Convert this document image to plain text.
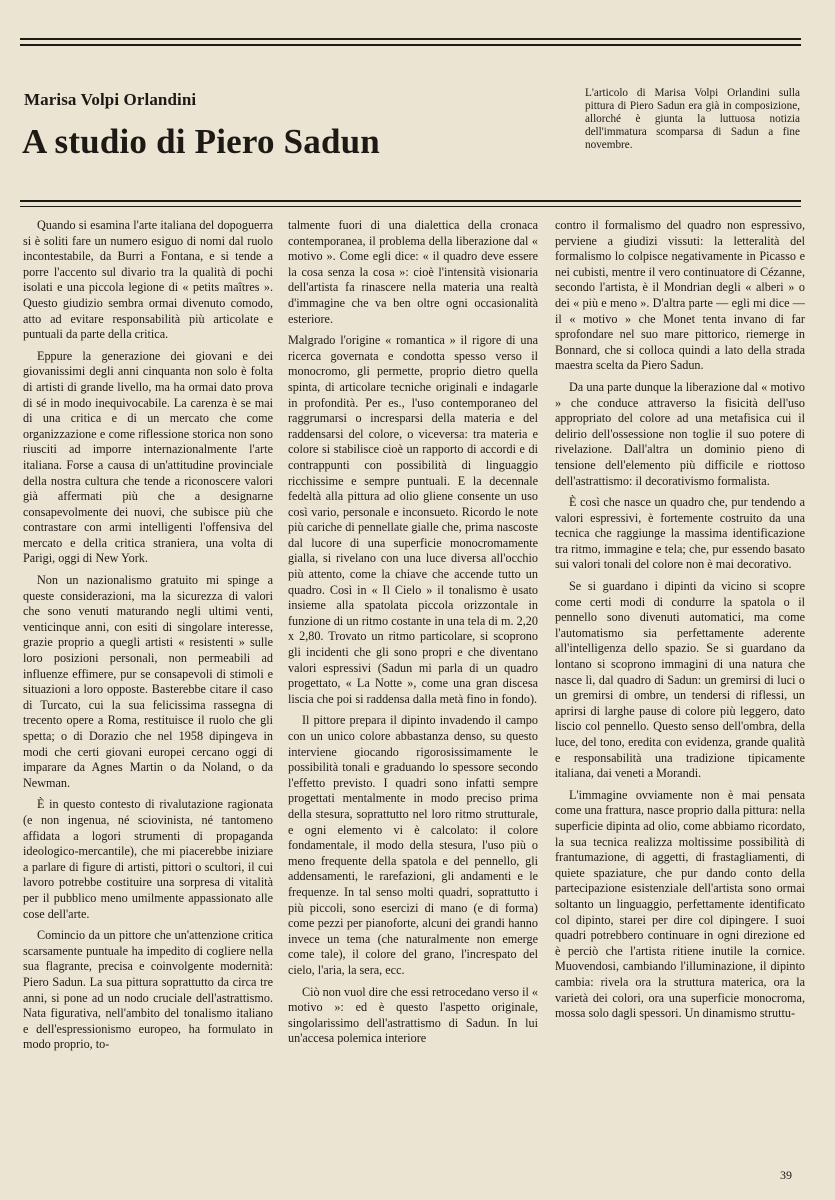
Marisa Volpi Orlandini
A studio di Piero Sadun
L'articolo di Marisa Volpi Orlandini sulla pittura di Piero Sadun era già in composizione, allorché è giunta la luttuosa notizia dell'immatura scomparsa di Sadun a fine novembre.

Quando si esamina l'arte italiana del dopoguerra si è soliti fare un numero esiguo di nomi dal ruolo incontestabile, da Burri a Fontana, e si tende a porre l'accento sul divario tra la qualità di pochi isolati e una piccola legione di « petits maîtres ». Questo giudizio sembra ormai divenuto comodo, atto ad evitare responsabilità più articolate e puntuali da parte della critica.

Eppure la generazione dei giovani e dei giovanissimi degli anni cinquanta non solo è folta di artisti di grande livello, ma ha ormai dato prova di sé in modo inequivocabile. La carenza è se mai di una critica e di un mercato che come organizzazione e come riflessione storica non sono riusciti ad imporre internazionalmente l'arte italiana. Forse a causa di un'attitudine provinciale della nostra cultura che tende a riconoscere valori già affermati più che a designarne consapevolmente dei nuovi, che subisce più che contrastare con armi intelligenti l'offensiva del mercato e della critica straniera, una volta di Parigi, oggi di New York.

Non un nazionalismo gratuito mi spinge a queste considerazioni, ma la sicurezza di valori che sono venuti maturando negli ultimi venti, venticinque anni, con esiti di singolare interesse, grazie proprio a quegli artisti « resistenti » sulle loro posizioni personali, non permeabili ad influenze effimere, pur se consapevoli di stimoli e situazioni a loro opposte. Basterebbe citare il caso di Turcato, cui la sua felicissima rassegna di trecento opere a Roma, restituisce il ruolo che gli spetta; o di Dorazio che nel 1958 dipingeva in modi che certi giovani europei cercano oggi di imparare da Agnes Martin o da Noland, o da Newman.

È in questo contesto di rivalutazione ragionata (e non ingenua, né sciovinista, né tantomeno affidata a logori strumenti di propaganda ideologico-mercantile), che mi piacerebbe iniziare a parlare di figure di artisti, pittori o scultori, il cui lavoro potrebbe costituire una sorpresa di vitalità per il pubblico meno umilmente appassionato alle cose dell'arte.

Comincio da un pittore che un'attenzione critica scarsamente puntuale ha impedito di cogliere nella sua flagrante, precisa e coinvolgente modernità: Piero Sadun. La sua pittura soprattutto da circa tre anni, si pone ad un nodo cruciale dell'astrattismo. Nata figurativa, nell'ambito del tonalismo italiano e dell'espressionismo europeo, ha formulato in modo proprio, to-

talmente fuori di una dialettica della cronaca contemporanea, il problema della liberazione dal « motivo ». Come egli dice: « il quadro deve essere la cosa senza la cosa »: cioè l'intensità visionaria dell'artista fa rinascere nella materia una realtà d'immagine che va ben oltre ogni occasionalità esteriore.

Malgrado l'origine « romantica » il rigore di una ricerca governata e condotta spesso verso il monocromo, gli permette, proprio dietro quella spinta, di articolare tecniche originali e indagarle in profondità. Per es., l'uso contemporaneo del raggrumarsi o incresparsi della materia e del raddensarsi del colore, o viceversa: tra materia e colore si stabilisce cioè un rapporto di accordi e di contrappunti con possibilità di linguaggio ricchissime e sempre puntuali. E la decennale fedeltà alla pittura ad olio gliene consente un uso così vario, personale e inconsueto. Ricordo le note più cariche di pennellate gialle che, prima nascoste dal lucore di una superficie monocromamente gialla, si rivelano con una luce diversa all'occhio più attento, come la chiave che accende tutto un quadro. Così in « Il Cielo » il tonalismo è usato insieme alla spatolata piccola orizzontale in funzione di un ritmo costante in una tela di m. 2,20 x 2,80. Trovato un ritmo particolare, si scoprono gli incidenti che gli sono propri e che diventano valori espressivi (Sadun mi parla di un quadro progettato, « La Notte », come una gran discesa liscia che poi si raddensa dalla metà fino in fondo).

Il pittore prepara il dipinto invadendo il campo con un unico colore abbastanza denso, su questo interviene giocando rigorosissimamente le possibilità tonali e graduando lo spessore secondo l'effetto previsto. I quadri sono infatti sempre progettati mentalmente in modo preciso prima della stesura, soprattutto nel loro ritmo strutturale, e ogni elemento vi è calcolato: il colore fondamentale, il modo della stesura, l'uso più o meno frequente della spatola e del pennello, gli addensamenti, le rarefazioni, gli andamenti e le frequenze. In tal senso molti quadri, soprattutto i più piccoli, sono esercizi di mano (e di forma) come pezzi per pianoforte, alcuni dei grandi hanno invece un tema (che naturalmente non emerge come tale), il colore del grano, l'increspato del cielo, l'aria, la sera, ecc.

Ciò non vuol dire che essi retrocedano verso il « motivo »: ed è questo l'aspetto originale, singolarissimo dell'astrattismo di Sadun. In lui un'accesa polemica interiore

contro il formalismo del quadro non espressivo, perviene a giudizi vissuti: la letteralità del formalismo lo colpisce negativamente in Picasso e nei cubisti, mentre il vero continuatore di Cézanne, secondo l'artista, è il Mondrian degli « alberi » o dei « più e meno ». D'altra parte — egli mi dice — il « motivo » che Monet tenta invano di far sprofondare nel suo mare pittorico, riemerge in Bonnard, che si colloca quindi a lato della strada maestra scelta da Piero Sadun.

Da una parte dunque la liberazione dal « motivo » che conduce attraverso la fisicità dell'uso appropriato del colore ad una metafisica cui il delirio dell'ossessione non toglie il suo potere di rivelazione. Dall'altra un dominio pieno di tensione dell'elemento più difficile e riottoso dell'astrattismo: il decorativismo formalista.

È così che nasce un quadro che, pur tendendo a valori espressivi, è fortemente costruito da una tecnica che raggiunge la massima identificazione tra ritmo, immagine e tela; che, pur essendo basato sui valori tonali del colore non è mai decorativo.

Se si guardano i dipinti da vicino si scopre come certi modi di condurre la spatola o il pennello sono divenuti automatici, ma come l'automatismo sia perfettamente aderente all'intelligenza dello spazio. Se si guardano da lontano si scoprono immagini di una natura che nasce lì, dal quadro di Sadun: un gremirsi di luci o un gremirsi di ombre, un tendersi di riflessi, un aprirsi di larghe pause di colore più leggero, dato liscio col pennello. Questo senso dell'ombra, della luce, del tono, eredita con evidenza, grande qualità e responsabilità una tradizione tipicamente italiana, dai veneti a Morandi.

L'immagine ovviamente non è mai pensata come una frattura, nasce proprio dalla pittura: nella superficie dipinta ad olio, come abbiamo ricordato, la sua tecnica realizza moltissime possibilità di frantumazione, di aggetti, di frastagliamenti, di quiete spaziature, che pur dando conto della partecipazione esistenziale dell'artista sono ormai soltanto un linguaggio, perfettamente identificato col dipinto, starei per dire col dipingere. I suoi quadri potrebbero continuare in ogni direzione ed è perciò che l'artista ritiene inutile la cornice. Muovendosi, cambiando l'illuminazione, il dipinto cambia: rivela ora la struttura materica, ora la varietà dei colori, ora una superficie monocroma, mossa solo dagli spessori. Un dinamismo struttu-

39
